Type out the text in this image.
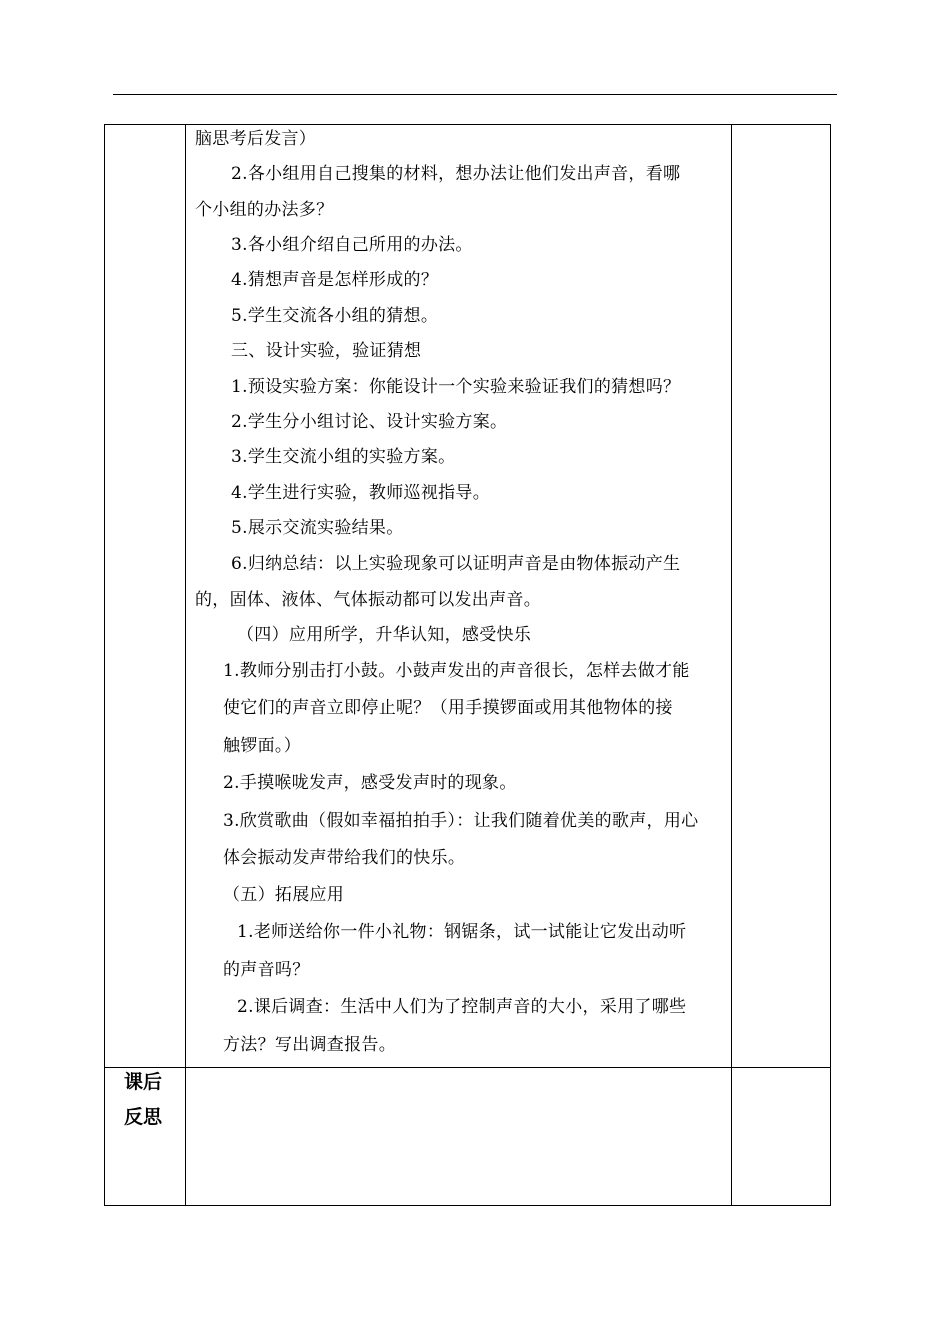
脑思考后发言）
2.各小组用自己搜集的材料，想办法让他们发出声音，看哪
个小组的办法多？
3.各小组介绍自己所用的办法。
4.猜想声音是怎样形成的？
5.学生交流各小组的猜想。
三、设计实验，验证猜想
1.预设实验方案：你能设计一个实验来验证我们的猜想吗？
2.学生分小组讨论、设计实验方案。
3.学生交流小组的实验方案。
4.学生进行实验，教师巡视指导。
5.展示交流实验结果。
6.归纳总结：以上实验现象可以证明声音是由物体振动产生
的，固体、液体、气体振动都可以发出声音。
（四）应用所学，升华认知，感受快乐
1.教师分别击打小鼓。小鼓声发出的声音很长，怎样去做才能
使它们的声音立即停止呢？（用手摸锣面或用其他物体的接
触锣面。）
2.手摸喉咙发声，感受发声时的现象。
3.欣赏歌曲（假如幸福拍拍手）：让我们随着优美的歌声，用心
体会振动发声带给我们的快乐。
（五）拓展应用
1.老师送给你一件小礼物：钢锯条，试一试能让它发出动听
的声音吗？
2.课后调查：生活中人们为了控制声音的大小，采用了哪些
方法？写出调查报告。
课后
反思
